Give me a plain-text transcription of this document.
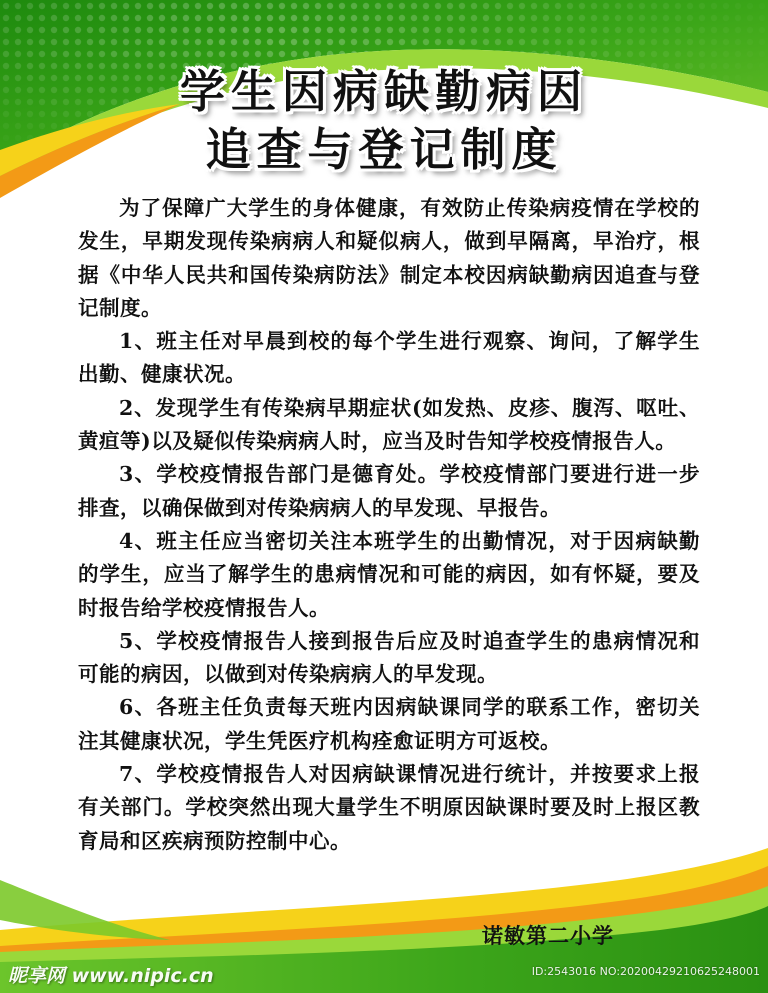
学生因病缺勤病因
追查与登记制度

为了保障广大学生的身体健康，有效防止传染病疫情在学校的发生，早期发现传染病病人和疑似病人，做到早隔离，早治疗，根据《中华人民共和国传染病防法》制定本校因病缺勤病因追查与登记制度。

1、班主任对早晨到校的每个学生进行观察、询问，了解学生出勤、健康状况。

2、发现学生有传染病早期症状(如发热、皮疹、腹泻、呕吐、黄疸等)以及疑似传染病病人时，应当及时告知学校疫情报告人。

3、学校疫情报告部门是德育处。学校疫情部门要进行进一步排查，以确保做到对传染病病人的早发现、早报告。

4、班主任应当密切关注本班学生的出勤情况，对于因病缺勤的学生，应当了解学生的患病情况和可能的病因，如有怀疑，要及时报告给学校疫情报告人。

5、学校疫情报告人接到报告后应及时追查学生的患病情况和可能的病因，以做到对传染病病人的早发现。

6、各班主任负责每天班内因病缺课同学的联系工作，密切关注其健康状况，学生凭医疗机构痊愈证明方可返校。

7、学校疫情报告人对因病缺课情况进行统计，并按要求上报有关部门。学校突然出现大量学生不明原因缺课时要及时上报区教育局和区疾病预防控制中心。

诺敏第二小学
昵享网 www.nipic.cn	ID:2543016 NO:20200429210625248001
